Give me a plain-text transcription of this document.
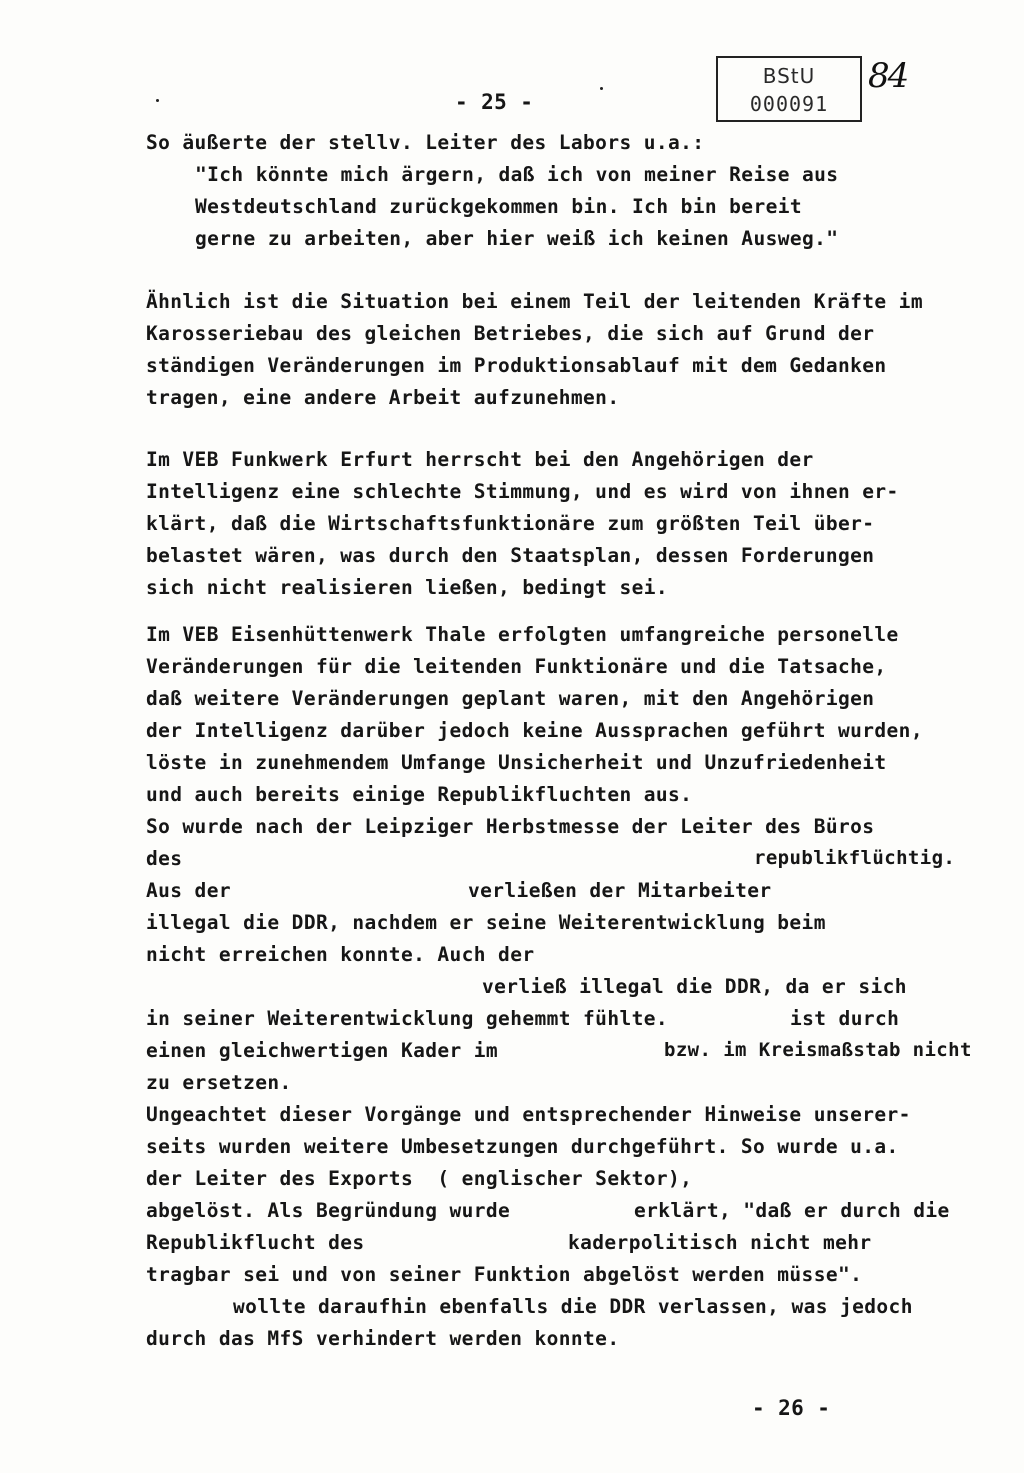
- 25 -
BStU
000091
84
So äußerte der stellv. Leiter des Labors u.a.:
"Ich könnte mich ärgern, daß ich von meiner Reise aus
Westdeutschland zurückgekommen bin. Ich bin bereit
gerne zu arbeiten, aber hier weiß ich keinen Ausweg."
Ähnlich ist die Situation bei einem Teil der leitenden Kräfte im
Karosseriebau des gleichen Betriebes, die sich auf Grund der
ständigen Veränderungen im Produktionsablauf mit dem Gedanken
tragen, eine andere Arbeit aufzunehmen.
Im VEB Funkwerk Erfurt herrscht bei den Angehörigen der
Intelligenz eine schlechte Stimmung, und es wird von ihnen er-
klärt, daß die Wirtschaftsfunktionäre zum größten Teil über-
belastet wären, was durch den Staatsplan, dessen Forderungen
sich nicht realisieren ließen, bedingt sei.
Im VEB Eisenhüttenwerk Thale erfolgten umfangreiche personelle
Veränderungen für die leitenden Funktionäre und die Tatsache,
daß weitere Veränderungen geplant waren, mit den Angehörigen
der Intelligenz darüber jedoch keine Aussprachen geführt wurden,
löste in zunehmendem Umfange Unsicherheit und Unzufriedenheit
und auch bereits einige Republikfluchten aus.
So wurde nach der Leipziger Herbstmesse der Leiter des Büros
des	republikflüchtig.
Aus der	verließen der Mitarbeiter
illegal die DDR, nachdem er seine Weiterentwicklung beim
nicht erreichen konnte. Auch der
verließ illegal die DDR, da er sich
in seiner Weiterentwicklung gehemmt fühlte.	ist durch
einen gleichwertigen Kader im	bzw. im Kreismaßstab nicht
zu ersetzen.
Ungeachtet dieser Vorgänge und entsprechender Hinweise unserer-
seits wurden weitere Umbesetzungen durchgeführt. So wurde u.a.
der Leiter des Exports  ( englischer Sektor),
abgelöst. Als Begründung wurde	erklärt, "daß er durch die
Republikflucht des	kaderpolitisch nicht mehr
tragbar sei und von seiner Funktion abgelöst werden müsse".
wollte daraufhin ebenfalls die DDR verlassen, was jedoch
durch das MfS verhindert werden konnte.
- 26 -
